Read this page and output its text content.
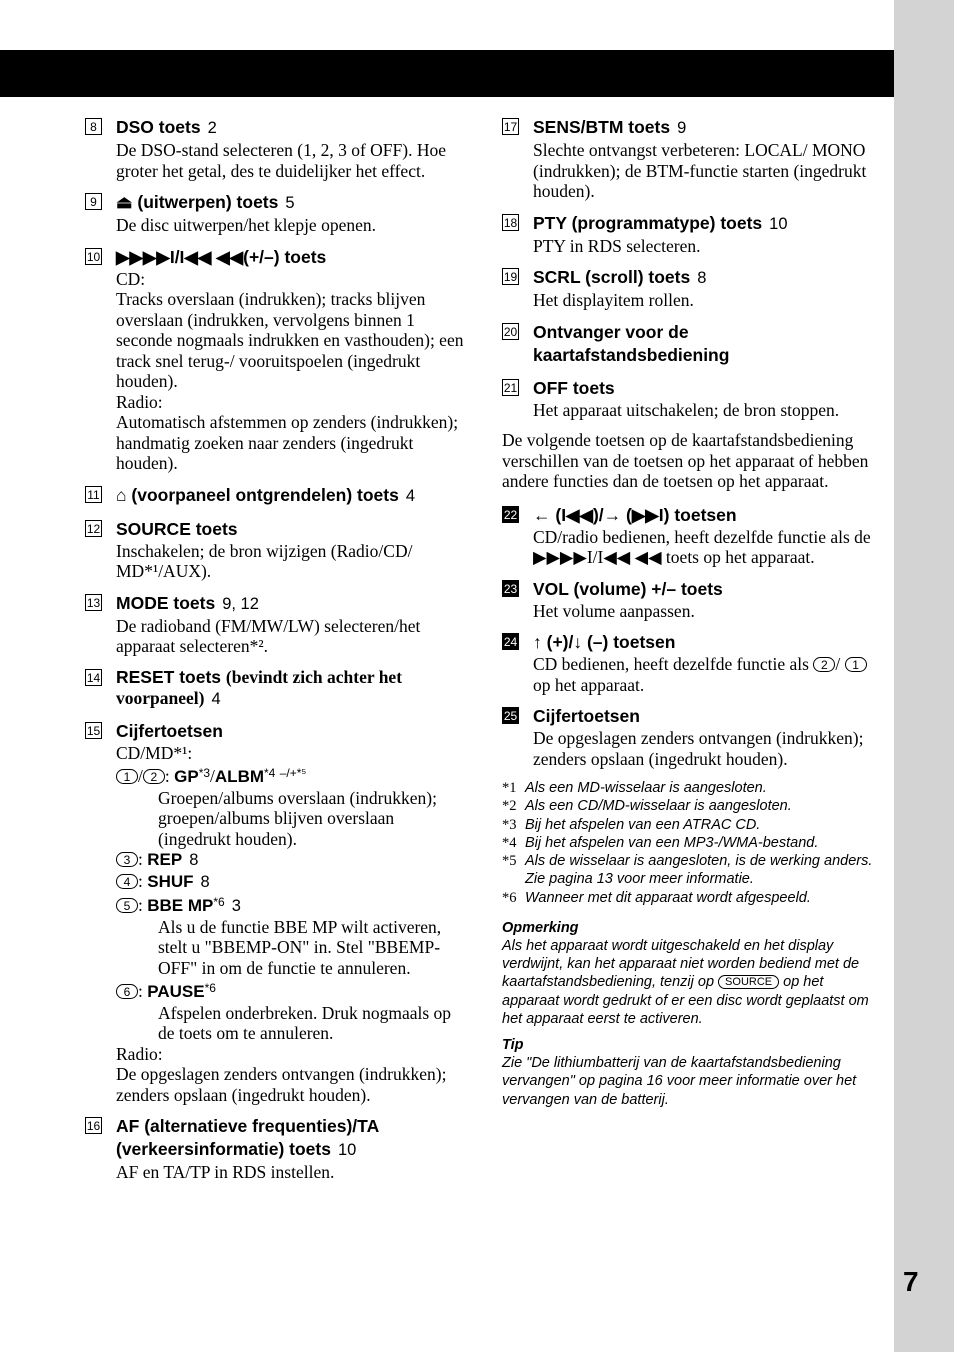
7
8 DSO toets 2
De DSO-stand selecteren (1, 2, 3 of OFF). Hoe groter het getal, des te duidelijker het effect.
9 ⏏ (uitwerpen) toets 5
De disc uitwerpen/het klepje openen.
10 ▶▶▶▶I/I◀◀ ◀◀(+/–) toets
CD:
Tracks overslaan (indrukken); tracks blijven overslaan (indrukken, vervolgens binnen 1 seconde nogmaals indrukken en vasthouden); een track snel terug-/ vooruitspoelen (ingedrukt houden).
Radio:
Automatisch afstemmen op zenders (indrukken); handmatig zoeken naar zenders (ingedrukt houden).
11 ⌂ (voorpaneel ontgrendelen) toets 4
12 SOURCE toets
Inschakelen; de bron wijzigen (Radio/CD/ MD*¹/AUX).
13 MODE toets 9, 12
De radioband (FM/MW/LW) selecteren/het apparaat selecteren*².
14 RESET toets (bevindt zich achter het voorpaneel) 4
15 Cijfertoetsen
CD/MD*¹:
1 / 2 : GP$^{*3}$/ALBM$^{*4}$ $^{-/+*^5}$
Groepen/albums overslaan (indrukken); groepen/albums blijven overslaan (ingedrukt houden).
3 : REP 8
4 : SHUF 8
5 : BBE MP$^{*6}$ 3
Als u de functie BBE MP wilt activeren, stelt u "BBEMP-ON" in. Stel "BBEMP-OFF" in om de functie te annuleren.
6 : PAUSE$^{*6}$
Afspelen onderbreken. Druk nogmaals op de toets om te annuleren.
Radio:
De opgeslagen zenders ontvangen (indrukken); zenders opslaan (ingedrukt houden).
16 AF (alternatieve frequenties)/TA (verkeersinformatie) toets 10
AF en TA/TP in RDS instellen.
17 SENS/BTM toets 9
Slechte ontvangst verbeteren: LOCAL/ MONO (indrukken); de BTM-functie starten (ingedrukt houden).
18 PTY (programmatype) toets 10
PTY in RDS selecteren.
19 SCRL (scroll) toets 8
Het displayitem rollen.
20 Ontvanger voor de kaartafstandsbediening
21 OFF toets
Het apparaat uitschakelen; de bron stoppen.
De volgende toetsen op de kaartafstandsbediening verschillen van de toetsen op het apparaat of hebben andere functies dan de toetsen op het apparaat.
22 ← (I◀◀)/→ (▶▶I) toetsen
CD/radio bedienen, heeft dezelfde functie als de ▶▶▶▶I/I◀◀ ◀◀ toets op het apparaat.
23 VOL (volume) +/– toets
Het volume aanpassen.
24 ↑ (+)/↓ (–) toetsen
CD bedienen, heeft dezelfde functie als 2 / 1 op het apparaat.
25 Cijfertoetsen
De opgeslagen zenders ontvangen (indrukken); zenders opslaan (ingedrukt houden).
*1 Als een MD-wisselaar is aangesloten.
*2 Als een CD/MD-wisselaar is aangesloten.
*3 Bij het afspelen van een ATRAC CD.
*4 Bij het afspelen van een MP3-/WMA-bestand.
*5 Als de wisselaar is aangesloten, is de werking anders. Zie pagina 13 voor meer informatie.
*6 Wanneer met dit apparaat wordt afgespeeld.
Opmerking
Als het apparaat wordt uitgeschakeld en het display verdwijnt, kan het apparaat niet worden bediend met de kaartafstandsbediening, tenzij op SOURCE op het apparaat wordt gedrukt of er een disc wordt geplaatst om het apparaat eerst te activeren.
Tip
Zie "De lithiumbatterij van de kaartafstandsbediening vervangen" op pagina 16 voor meer informatie over het vervangen van de batterij.
